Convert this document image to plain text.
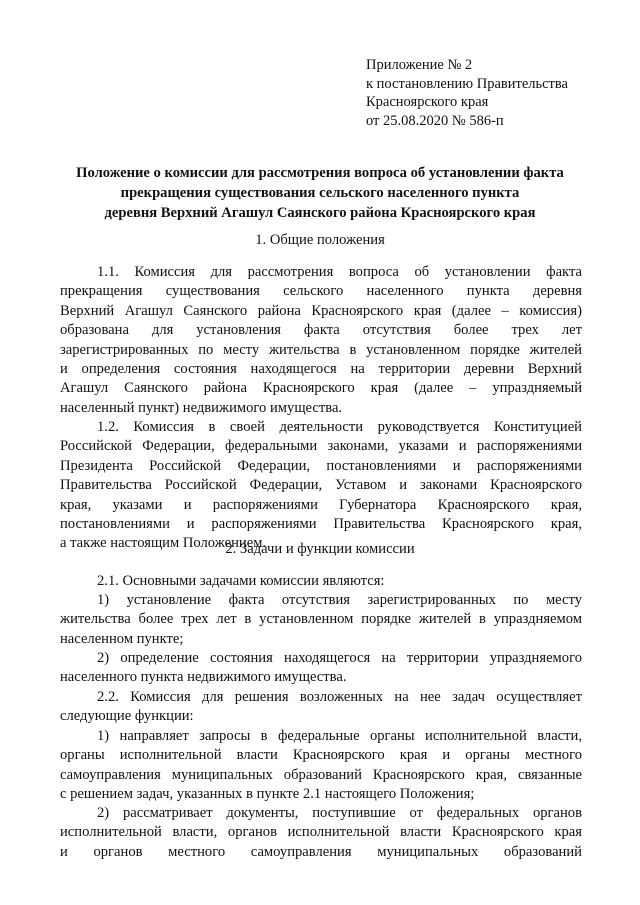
Приложение № 2
к постановлению Правительства
Красноярского края
от 25.08.2020 № 586-п
Положение о комиссии для рассмотрения вопроса об установлении факта
прекращения существования сельского населенного пункта
деревня Верхний Агашул Саянского района Красноярского края
1. Общие положения
1.1. Комиссия для рассмотрения вопроса об установлении факта
прекращения существования сельского населенного пункта деревня
Верхний Агашул Саянского района Красноярского края (далее – комиссия)
образована для установления факта отсутствия более трех лет
зарегистрированных по месту жительства в установленном порядке жителей
и определения состояния находящегося на территории деревни Верхний
Агашул Саянского района Красноярского края (далее – упраздняемый
населенный пункт) недвижимого имущества.
1.2. Комиссия в своей деятельности руководствуется Конституцией
Российской Федерации, федеральными законами, указами и распоряжениями
Президента Российской Федерации, постановлениями и распоряжениями
Правительства Российской Федерации, Уставом и законами Красноярского
края, указами и распоряжениями Губернатора Красноярского края,
постановлениями и распоряжениями Правительства Красноярского края,
а также настоящим Положением.
2. Задачи и функции комиссии
2.1. Основными задачами комиссии являются:
1) установление факта отсутствия зарегистрированных по месту
жительства более трех лет в установленном порядке жителей в упраздняемом
населенном пункте;
2) определение состояния находящегося на территории упраздняемого
населенного пункта недвижимого имущества.
2.2. Комиссия для решения возложенных на нее задач осуществляет
следующие функции:
1) направляет запросы в федеральные органы исполнительной власти,
органы исполнительной власти Красноярского края и органы местного
самоуправления муниципальных образований Красноярского края, связанные
с решением задач, указанных в пункте 2.1 настоящего Положения;
2) рассматривает документы, поступившие от федеральных органов
исполнительной власти, органов исполнительной власти Красноярского края
и органов местного самоуправления муниципальных образований
